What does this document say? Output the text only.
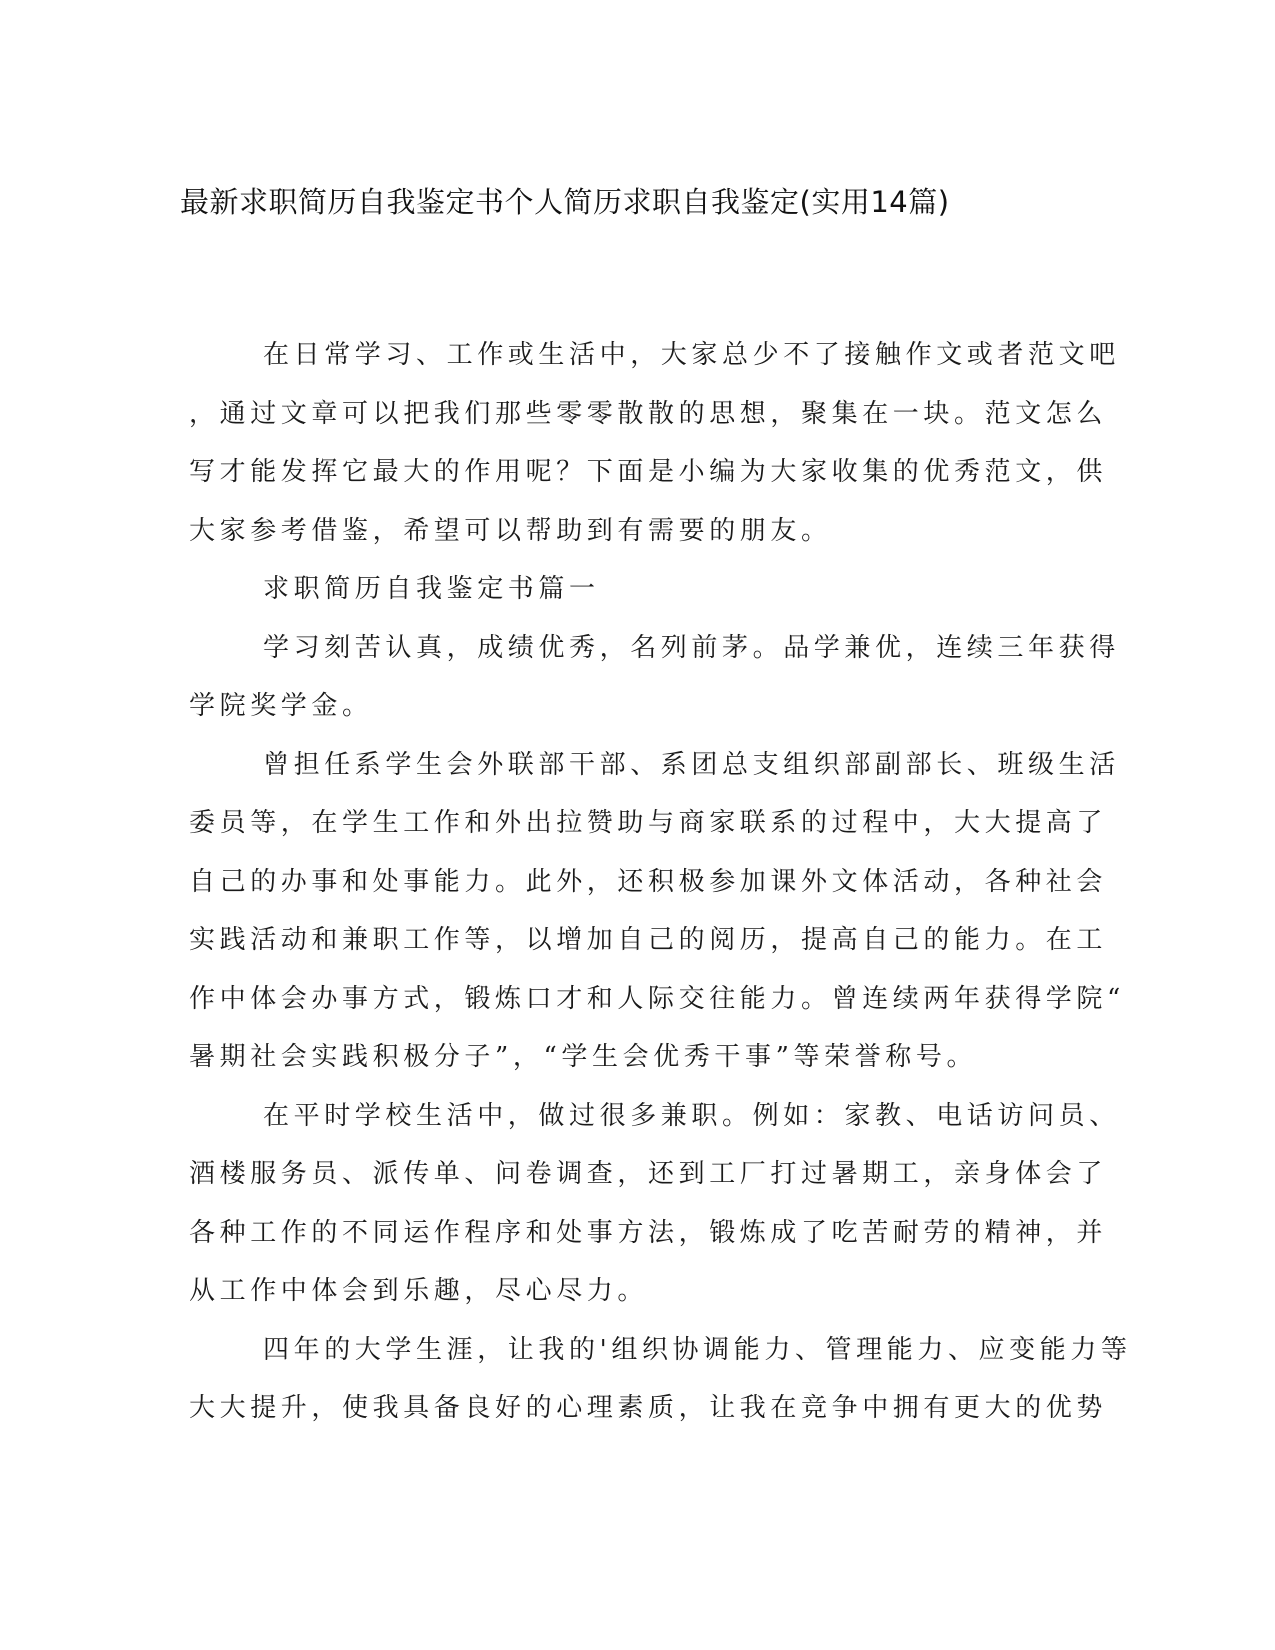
最新求职简历自我鉴定书个人简历求职自我鉴定(实用14篇)
在日常学习、工作或生活中，大家总少不了接触作文或者范文吧
，通过文章可以把我们那些零零散散的思想，聚集在一块。范文怎么
写才能发挥它最大的作用呢？下面是小编为大家收集的优秀范文，供
大家参考借鉴，希望可以帮助到有需要的朋友。
求职简历自我鉴定书篇一
学习刻苦认真，成绩优秀，名列前茅。品学兼优，连续三年获得
学院奖学金。
曾担任系学生会外联部干部、系团总支组织部副部长、班级生活
委员等，在学生工作和外出拉赞助与商家联系的过程中，大大提高了
自己的办事和处事能力。此外，还积极参加课外文体活动，各种社会
实践活动和兼职工作等，以增加自己的阅历，提高自己的能力。在工
作中体会办事方式，锻炼口才和人际交往能力。曾连续两年获得学院“
暑期社会实践积极分子”，“学生会优秀干事”等荣誉称号。
在平时学校生活中，做过很多兼职。例如：家教、电话访问员、
酒楼服务员、派传单、问卷调查，还到工厂打过暑期工，亲身体会了
各种工作的不同运作程序和处事方法，锻炼成了吃苦耐劳的精神，并
从工作中体会到乐趣，尽心尽力。
四年的大学生涯，让我的'组织协调能力、管理能力、应变能力等
大大提升，使我具备良好的心理素质，让我在竞争中拥有更大的优势
